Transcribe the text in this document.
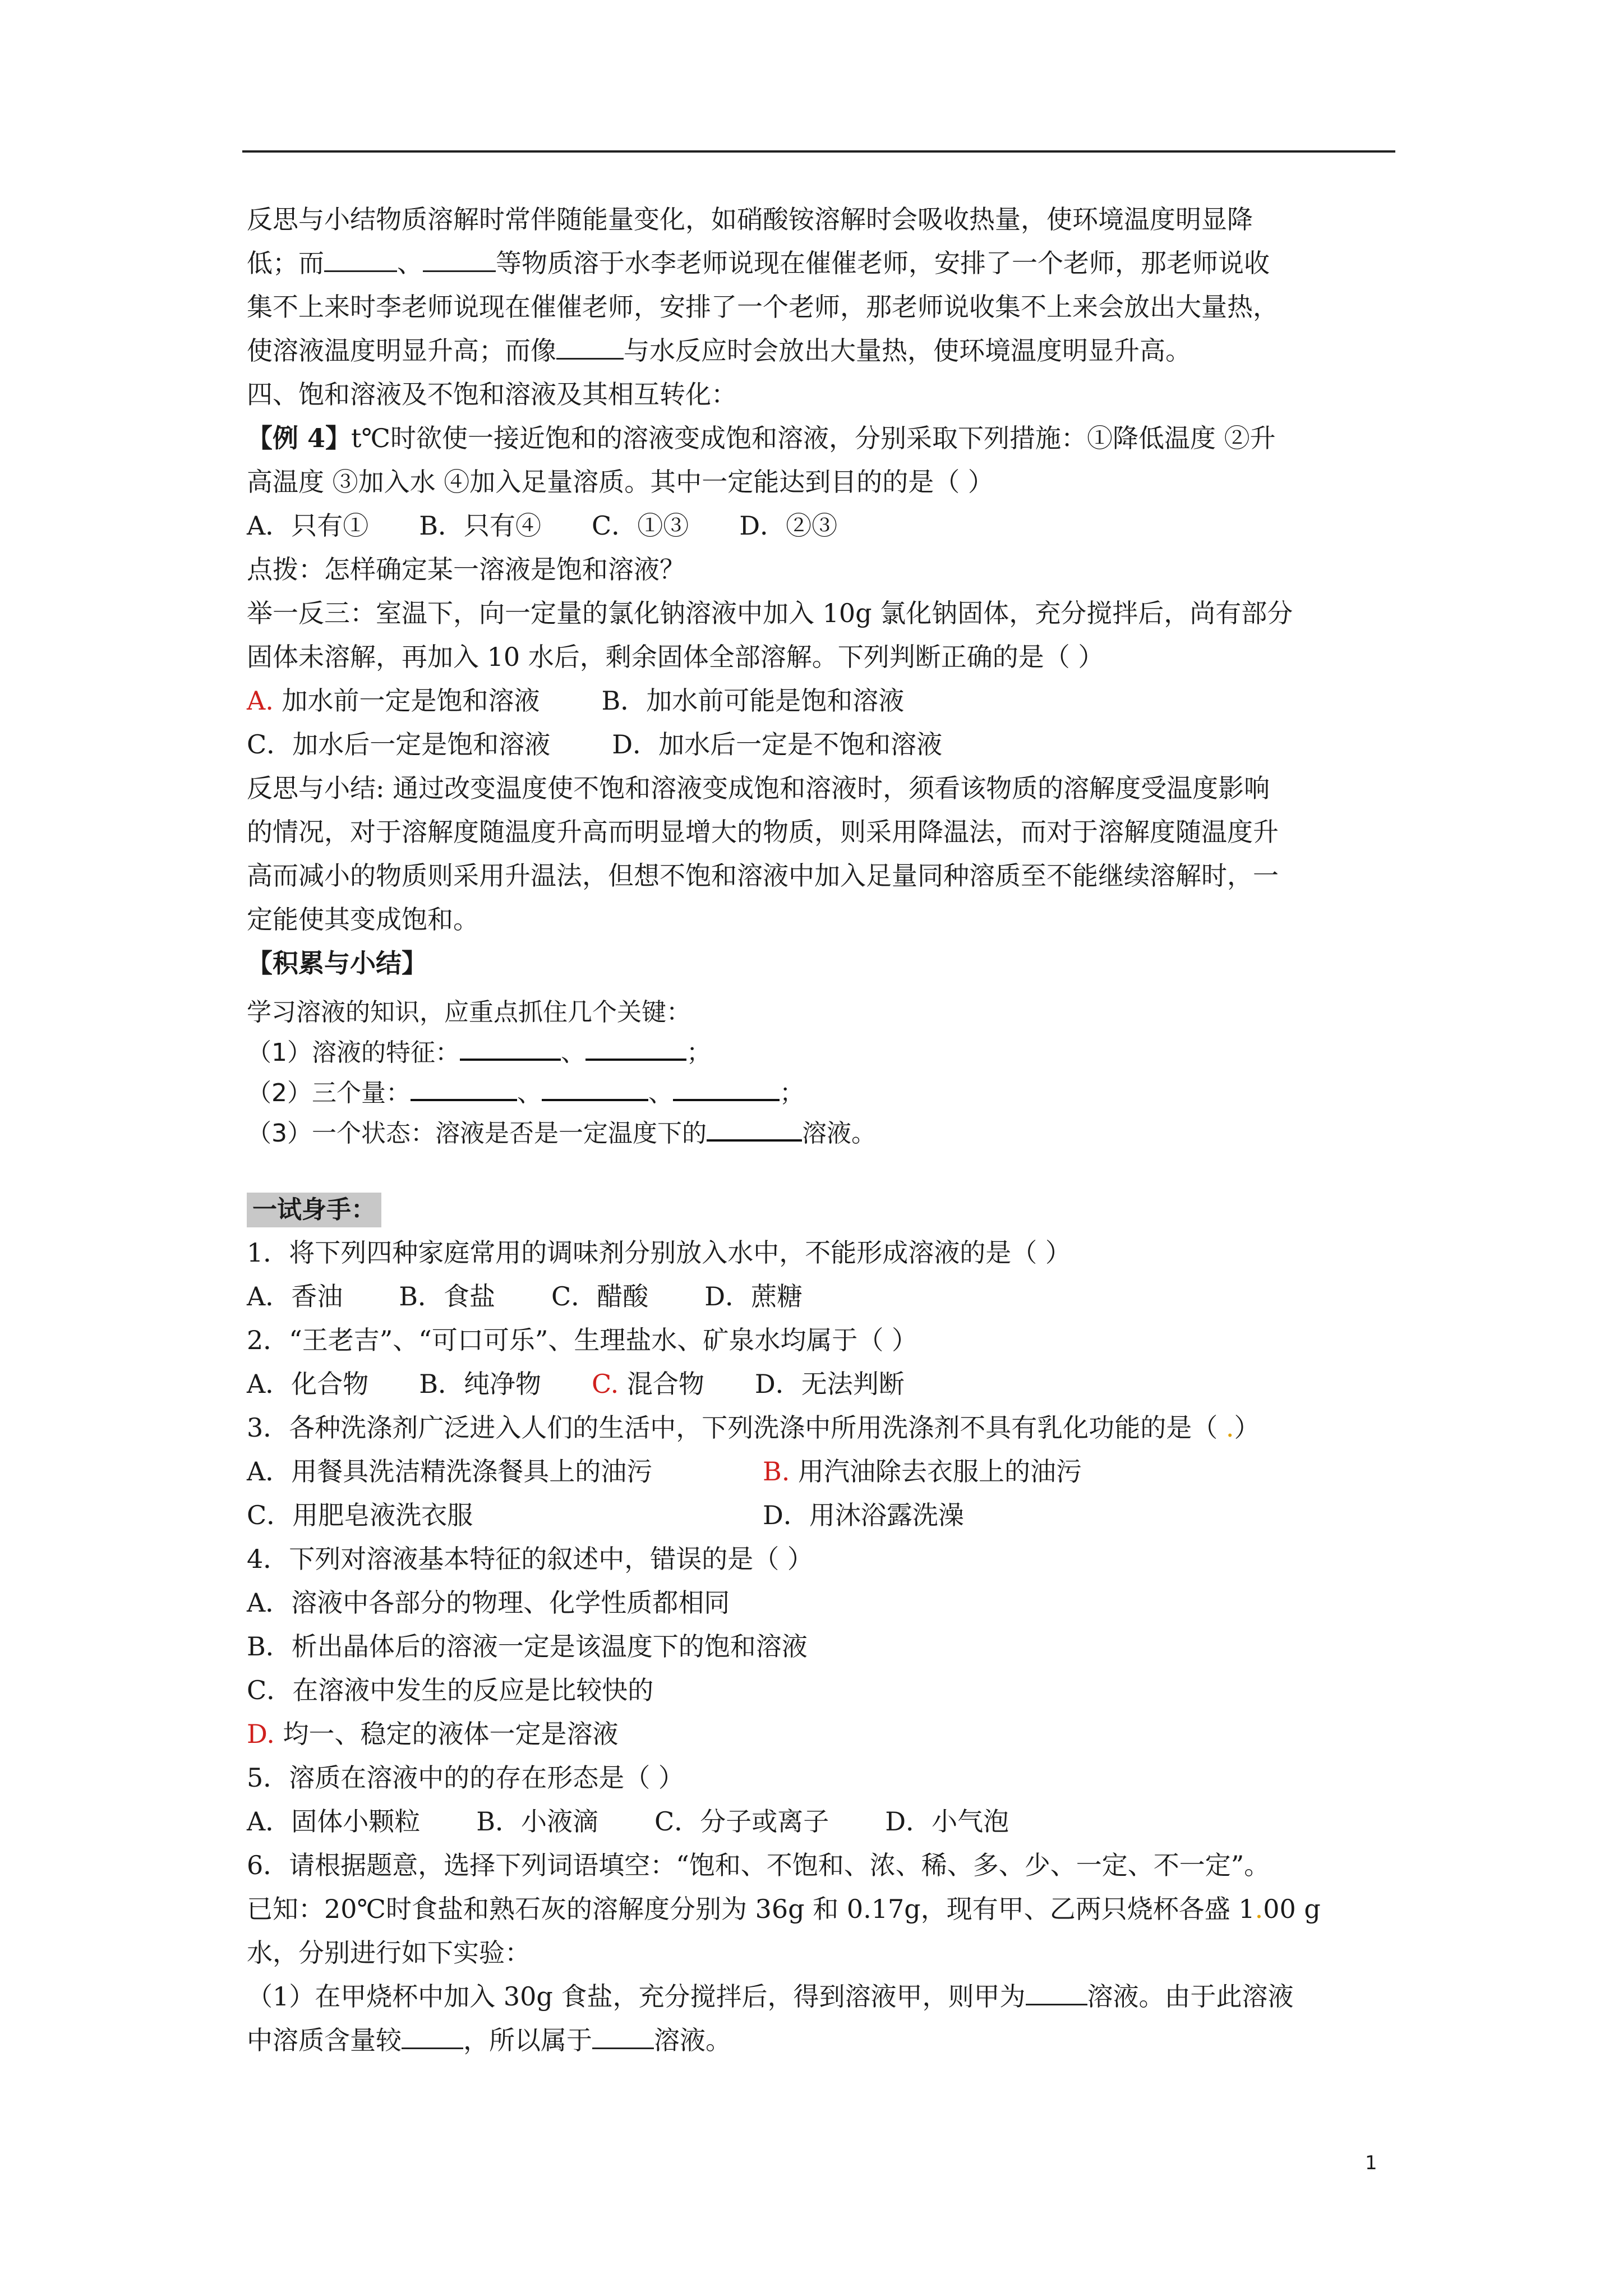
反思与小结物质溶解时常伴随能量变化，如硝酸铵溶解时会吸收热量，使环境温度明显降
低；而	、	等物质溶于水李老师说现在催催老师，安排了一个老师，那老师说收
集不上来时李老师说现在催催老师，安排了一个老师，那老师说收集不上来会放出大量热，
使溶液温度明显升高；而像	与水反应时会放出大量热，使环境温度明显升高。
四、饱和溶液及不饱和溶液及其相互转化：
【例 4】t℃时欲使一接近饱和的溶液变成饱和溶液，分别采取下列措施：①降低温度 ②升
高温度 ③加入水 ④加入足量溶质。其中一定能达到目的的是（ ）
A．只有① B．只有④ C．①③ D．②③
点拨：怎样确定某一溶液是饱和溶液？
举一反三：室温下，向一定量的氯化钠溶液中加入 10g 氯化钠固体，充分搅拌后，尚有部分
固体未溶解，再加入 10 水后，剩余固体全部溶解。下列判断正确的是（ ）
A. 加水前一定是饱和溶液 B．加水前可能是饱和溶液
C．加水后一定是饱和溶液 D．加水后一定是不饱和溶液
反思与小结: 通过改变温度使不饱和溶液变成饱和溶液时，须看该物质的溶解度受温度影响
的情况，对于溶解度随温度升高而明显增大的物质，则采用降温法，而对于溶解度随温度升
高而减小的物质则采用升温法，但想不饱和溶液中加入足量同种溶质至不能继续溶解时，一
定能使其变成饱和。
【积累与小结】
学习溶液的知识，应重点抓住几个关键：
（1）溶液的特征：	、	；
（2）三个量：	、	、	；
（3）一个状态：溶液是否是一定温度下的	溶液。
一试身手：
1．将下列四种家庭常用的调味剂分别放入水中，不能形成溶液的是（ ）
A．香油 B．食盐 C．醋酸 D．蔗糖
2．“王老吉”、“可口可乐”、生理盐水、矿泉水均属于（ ）
A．化合物 B．纯净物 C. 混合物 D．无法判断
3．各种洗涤剂广泛进入人们的生活中，下列洗涤中所用洗涤剂不具有乳化功能的是（ .）
A．用餐具洗洁精洗涤餐具上的油污	B. 用汽油除去衣服上的油污
C．用肥皂液洗衣服	D．用沐浴露洗澡
4．下列对溶液基本特征的叙述中，错误的是（ ）
A．溶液中各部分的物理、化学性质都相同
B．析出晶体后的溶液一定是该温度下的饱和溶液
C．在溶液中发生的反应是比较快的
D. 均一、稳定的液体一定是溶液
5．溶质在溶液中的的存在形态是（ ）
A．固体小颗粒 B．小液滴 C．分子或离子 D．小气泡
6．请根据题意，选择下列词语填空：“饱和、不饱和、浓、稀、多、少、一定、不一定”。
已知：20℃时食盐和熟石灰的溶解度分别为 36g 和 0.17g，现有甲、乙两只烧杯各盛 1.00 g
水，分别进行如下实验：
（1）在甲烧杯中加入 30g 食盐，充分搅拌后，得到溶液甲，则甲为 溶液。由于此溶液
中溶质含量较 ，所以属于 溶液。
1
